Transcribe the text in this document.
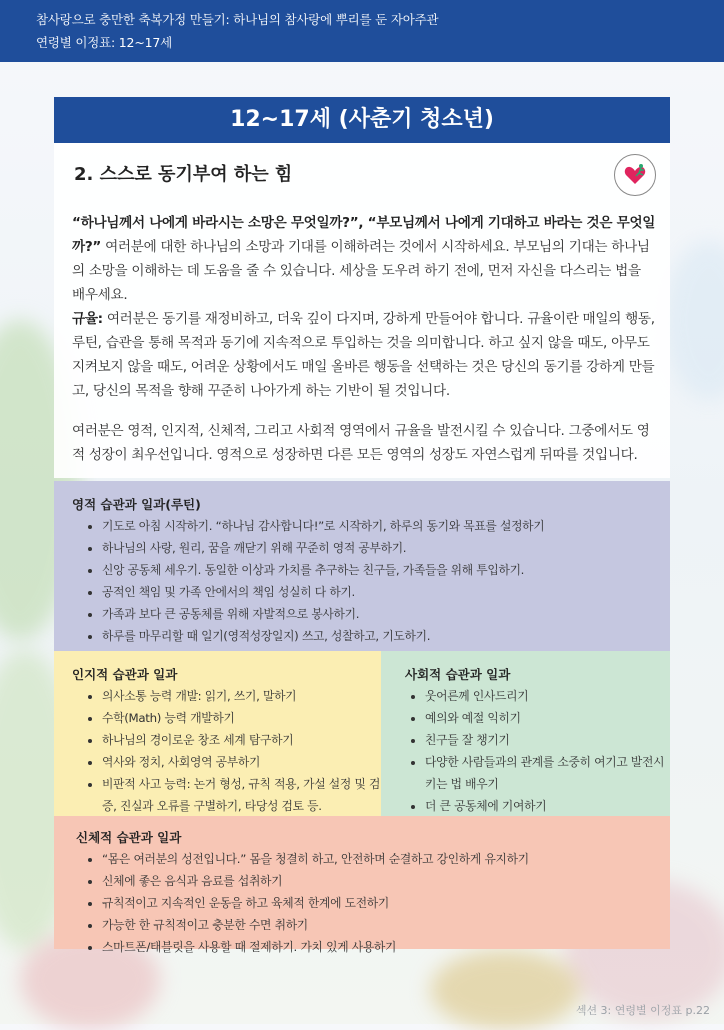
참사랑으로 충만한 축복가정 만들기: 하나님의 참사랑에 뿌리를 둔 자아주관
연령별 이정표: 12~17세
12~17세 (사춘기 청소년)
2. 스스로 동기부여 하는 힘
“하나님께서 나에게 바라시는 소망은 무엇일까?”, “부모님께서 나에게 기대하고 바라는 것은 무엇일까?” 여러분에 대한 하나님의 소망과 기대를 이해하려는 것에서 시작하세요. 부모님의 기대는 하나님의 소망을 이해하는 데 도움을 줄 수 있습니다. 세상을 도우려 하기 전에, 먼저 자신을 다스리는 법을 배우세요.
규율: 여러분은 동기를 재정비하고, 더욱 깊이 다지며, 강하게 만들어야 합니다. 규율이란 매일의 행동, 루틴, 습관을 통해 목적과 동기에 지속적으로 투입하는 것을 의미합니다. 하고 싶지 않을 때도, 아무도 지켜보지 않을 때도, 어려운 상황에서도 매일 올바른 행동을 선택하는 것은 당신의 동기를 강하게 만들고, 당신의 목적을 향해 꾸준히 나아가게 하는 기반이 될 것입니다.
여러분은 영적, 인지적, 신체적, 그리고 사회적 영역에서 규율을 발전시킬 수 있습니다. 그중에서도 영적 성장이 최우선입니다. 영적으로 성장하면 다른 모든 영역의 성장도 자연스럽게 뒤따를 것입니다.
영적 습관과 일과(루틴)
• 기도로 아침 시작하기. “하나님 감사합니다!”로 시작하기, 하루의 동기와 목표를 설정하기
• 하나님의 사랑, 원리, 꿈을 깨닫기 위해 꾸준히 영적 공부하기.
• 신앙 공동체 세우기. 동일한 이상과 가치를 추구하는 친구들, 가족들을 위해 투입하기.
• 공적인 책임 및 가족 안에서의 책임 성실히 다 하기.
• 가족과 보다 큰 공동체를 위해 자발적으로 봉사하기.
• 하루를 마무리할 때 일기(영적성장일지) 쓰고, 성찰하고, 기도하기.
인지적 습관과 일과
• 의사소통 능력 개발: 읽기, 쓰기, 말하기
• 수학(Math) 능력 개발하기
• 하나님의 경이로운 창조 세계 탐구하기
• 역사와 정치, 사회영역 공부하기
• 비판적 사고 능력: 논거 형성, 규칙 적용, 가설 설정 및 검증, 진실과 오류를 구별하기, 타당성 검토 등.
사회적 습관과 일과
• 웃어른께 인사드리기
• 예의와 예절 익히기
• 친구들 잘 챙기기
• 다양한 사람들과의 관계를 소중히 여기고 발전시키는 법 배우기
• 더 큰 공동체에 기여하기
신체적 습관과 일과
• “몸은 여러분의 성전입니다.” 몸을 청결히 하고, 안전하며 순결하고 강인하게 유지하기
• 신체에 좋은 음식과 음료를 섭취하기
• 규칙적이고 지속적인 운동을 하고 육체적 한계에 도전하기
• 가능한 한 규칙적이고 충분한 수면 취하기
• 스마트폰/태블릿을 사용할 때 절제하기. 가치 있게 사용하기
섹션 3: 연령별 이정표 p.22
